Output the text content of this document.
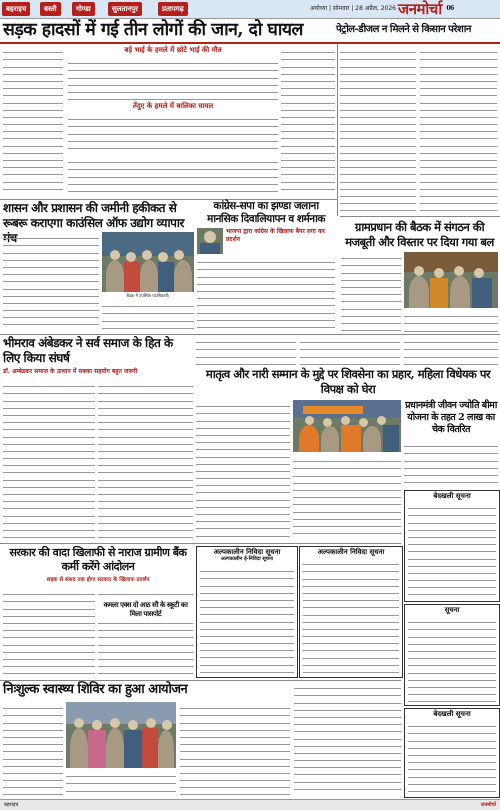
बहराइच	बस्ती	गोण्डा	सुलतानपुर	प्रतापगढ़	अयोध्या | सोमवार | 28 अप्रैल, 2026 जनमोर्चा $^{06}$
सड़क हादसों में गई तीन लोगों की जान, दो घायल	पेट्रोल-डीजल न मिलने से किसान परेशान
बड़े भाई के हमले में छोटे भाई की मौत
तेंदुए के हमले में बालिका घायल
शासन और प्रशासन की जमीनी हकीकत से रूबरू कराएगा काउंसिल ऑफ उद्योग व्यापार मंच
कांग्रेस-सपा का झण्डा जलाना मानसिक दिवालियापन व शर्मनाक
भाजपा द्वारा कांग्रेस के खिलाफ बैनर लगा कर प्रदर्शन
ग्रामप्रधान की बैठक में संगठन की मजबूती और विस्तार पर दिया गया बल
बैठक में उपस्थित पदाधिकारी।
भीमराव अंबेडकर ने सर्व समाज के हित के लिए किया संघर्ष
डॉ. अम्बेडकर समाज के उत्थान में सबका सहयोग बहुत जरूरी	मातृत्व और नारी सम्मान के मुद्दे पर शिवसेना का प्रहार, महिला विधेयक पर विपक्ष को घेरा
प्रधानमंत्री जीवन ज्योति बीमा योजना के तहत 2 लाख का चेक वितरित
बेदखली सूचना
सरकार की वादा खिलाफी से नाराज ग्रामीण बैंक कर्मी करेंगे आंदोलन
सड़क से संसद तक होगा सरकार के खिलाफ प्रदर्शन
कमला एक्स दो आठ सौ के स्कूटी का मिला पासपोर्ट
अल्पकालीन निविदा सूचना
अल्पकालीन ई-निविदा सूचना
अल्पकालीन निविदा सूचना
निःशुल्क स्वास्थ्य शिविर का हुआ आयोजन
सूचना
बेदखली सूचना
बहराइच	जनमोर्चा
